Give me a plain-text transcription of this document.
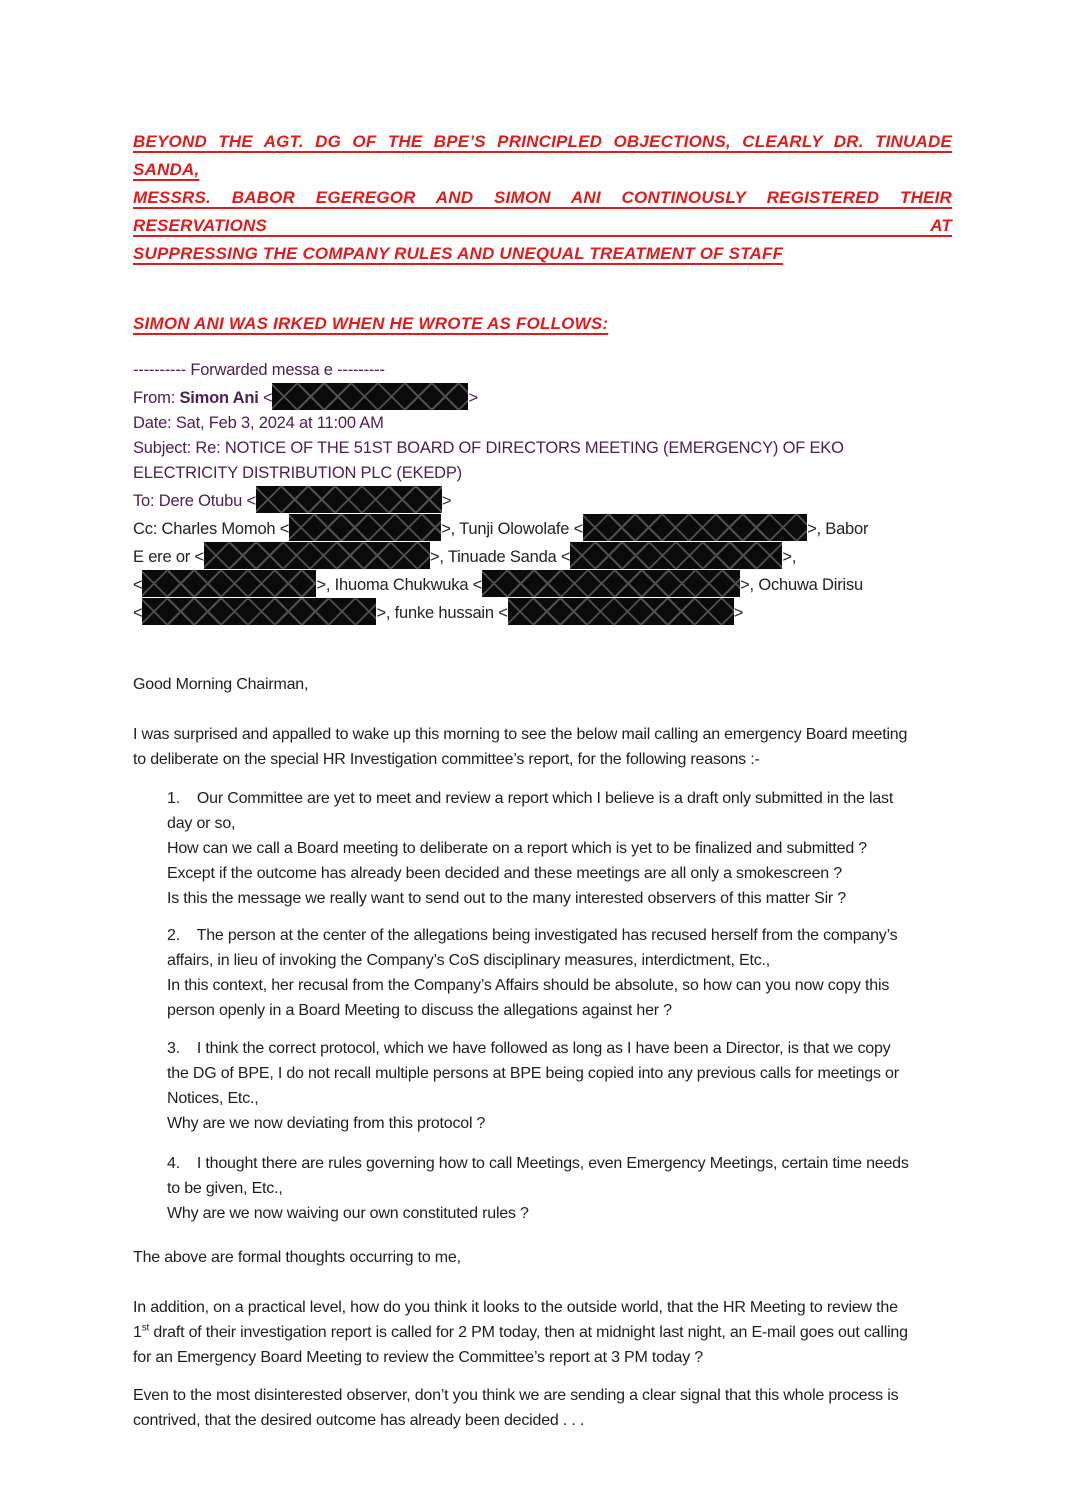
BEYOND THE AGT. DG OF THE BPE’S PRINCIPLED OBJECTIONS, CLEARLY DR. TINUADE SANDA,
MESSRS. BABOR EGEREGOR AND SIMON ANI CONTINOUSLY REGISTERED THEIR RESERVATIONS AT
SUPPRESSING THE COMPANY RULES AND UNEQUAL TREATMENT OF STAFF
SIMON ANI WAS IRKED WHEN HE WROTE AS FOLLOWS:
---------- Forwarded messa e ---------
From: Simon Ani <	>
Date: Sat, Feb 3, 2024 at 11:00 AM
Subject: Re: NOTICE OF THE 51ST BOARD OF DIRECTORS MEETING (EMERGENCY) OF EKO
ELECTRICITY DISTRIBUTION PLC (EKEDP)
To: Dere Otubu <	>
Cc: Charles Momoh <	>, Tunji Olowolafe <	>, Babor
E ere or <	>, Tinuade Sanda <	>,
<	>, Ihuoma Chukwuka <	>, Ochuwa Dirisu
<	>, funke hussain <	>
Good Morning Chairman,
I was surprised and appalled to wake up this morning to see the below mail calling an emergency Board meeting
to deliberate on the special HR Investigation committee’s report, for the following reasons :-
1.    Our Committee are yet to meet and review a report which I believe is a draft only submitted in the last
day or so,
How can we call a Board meeting to deliberate on a report which is yet to be finalized and submitted ?
Except if the outcome has already been decided and these meetings are all only a smokescreen ?
Is this the message we really want to send out to the many interested observers of this matter Sir ?
2.    The person at the center of the allegations being investigated has recused herself from the company’s
affairs, in lieu of invoking the Company’s CoS disciplinary measures, interdictment, Etc.,
In this context, her recusal from the Company’s Affairs should be absolute, so how can you now copy this
person openly in a Board Meeting to discuss the allegations against her ?
3.    I think the correct protocol, which we have followed as long as I have been a Director, is that we copy
the DG of BPE, I do not recall multiple persons at BPE being copied into any previous calls for meetings or
Notices, Etc.,
Why are we now deviating from this protocol ?
4.    I thought there are rules governing how to call Meetings, even Emergency Meetings, certain time needs
to be given, Etc.,
Why are we now waiving our own constituted rules ?
The above are formal thoughts occurring to me,
In addition, on a practical level, how do you think it looks to the outside world, that the HR Meeting to review the
1st draft of their investigation report is called for 2 PM today, then at midnight last night, an E-mail goes out calling
for an Emergency Board Meeting to review the Committee’s report at 3 PM today ?
Even to the most disinterested observer, don’t you think we are sending a clear signal that this whole process is
contrived, that the desired outcome has already been decided . . .
